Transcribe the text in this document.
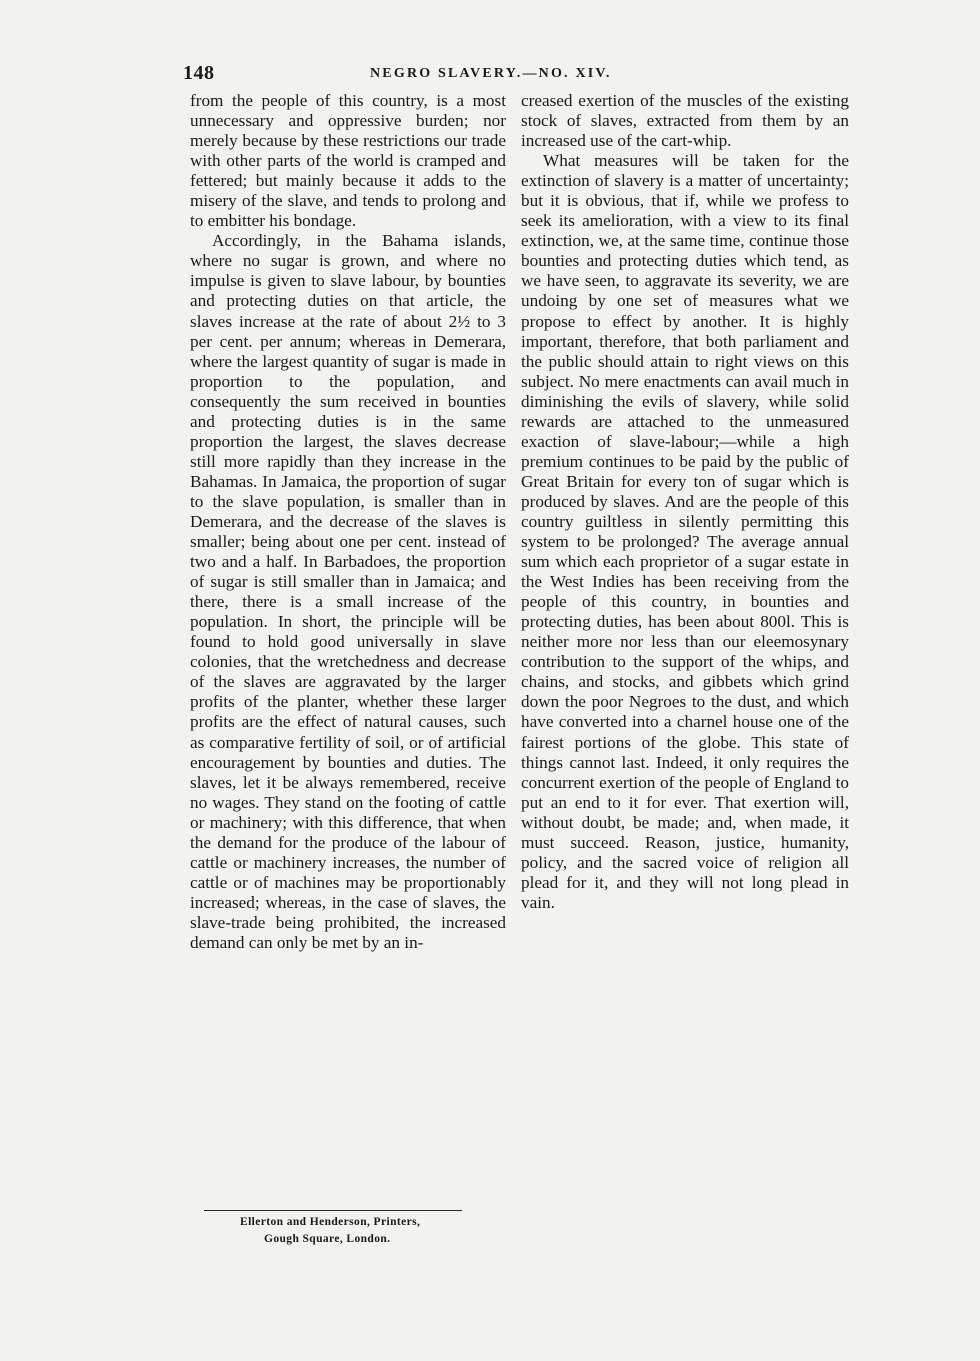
148	NEGRO SLAVERY.—NO. XIV.

from the people of this country, is a most unnecessary and oppressive burden; nor merely because by these restrictions our trade with other parts of the world is cramped and fettered; but mainly because it adds to the misery of the slave, and tends to prolong and to embitter his bondage.

Accordingly, in the Bahama islands, where no sugar is grown, and where no impulse is given to slave labour, by bounties and protecting duties on that article, the slaves increase at the rate of about 2½ to 3 per cent. per annum; whereas in Demerara, where the largest quantity of sugar is made in proportion to the population, and consequently the sum received in bounties and protecting duties is in the same proportion the largest, the slaves decrease still more rapidly than they increase in the Bahamas. In Jamaica, the proportion of sugar to the slave population, is smaller than in Demerara, and the decrease of the slaves is smaller; being about one per cent. instead of two and a half. In Barbadoes, the proportion of sugar is still smaller than in Jamaica; and there, there is a small increase of the population. In short, the principle will be found to hold good universally in slave colonies, that the wretchedness and decrease of the slaves are aggravated by the larger profits of the planter, whether these larger profits are the effect of natural causes, such as comparative fertility of soil, or of artificial encouragement by bounties and duties. The slaves, let it be always remembered, receive no wages. They stand on the footing of cattle or machinery; with this difference, that when the demand for the produce of the labour of cattle or machinery increases, the number of cattle or of machines may be proportionably increased; whereas, in the case of slaves, the slave-trade being prohibited, the increased demand can only be met by an in-

creased exertion of the muscles of the existing stock of slaves, extracted from them by an increased use of the cart-whip.

What measures will be taken for the extinction of slavery is a matter of uncertainty; but it is obvious, that if, while we profess to seek its amelioration, with a view to its final extinction, we, at the same time, continue those bounties and protecting duties which tend, as we have seen, to aggravate its severity, we are undoing by one set of measures what we propose to effect by another. It is highly important, therefore, that both parliament and the public should attain to right views on this subject. No mere enactments can avail much in diminishing the evils of slavery, while solid rewards are attached to the unmeasured exaction of slave-labour;—while a high premium continues to be paid by the public of Great Britain for every ton of sugar which is produced by slaves. And are the people of this country guiltless in silently permitting this system to be prolonged? The average annual sum which each proprietor of a sugar estate in the West Indies has been receiving from the people of this country, in bounties and protecting duties, has been about 800l. This is neither more nor less than our eleemosynary contribution to the support of the whips, and chains, and stocks, and gibbets which grind down the poor Negroes to the dust, and which have converted into a charnel house one of the fairest portions of the globe. This state of things cannot last. Indeed, it only requires the concurrent exertion of the people of England to put an end to it for ever. That exertion will, without doubt, be made; and, when made, it must succeed. Reason, justice, humanity, policy, and the sacred voice of religion all plead for it, and they will not long plead in vain.

Ellerton and Henderson, Printers,
Gough Square, London.
